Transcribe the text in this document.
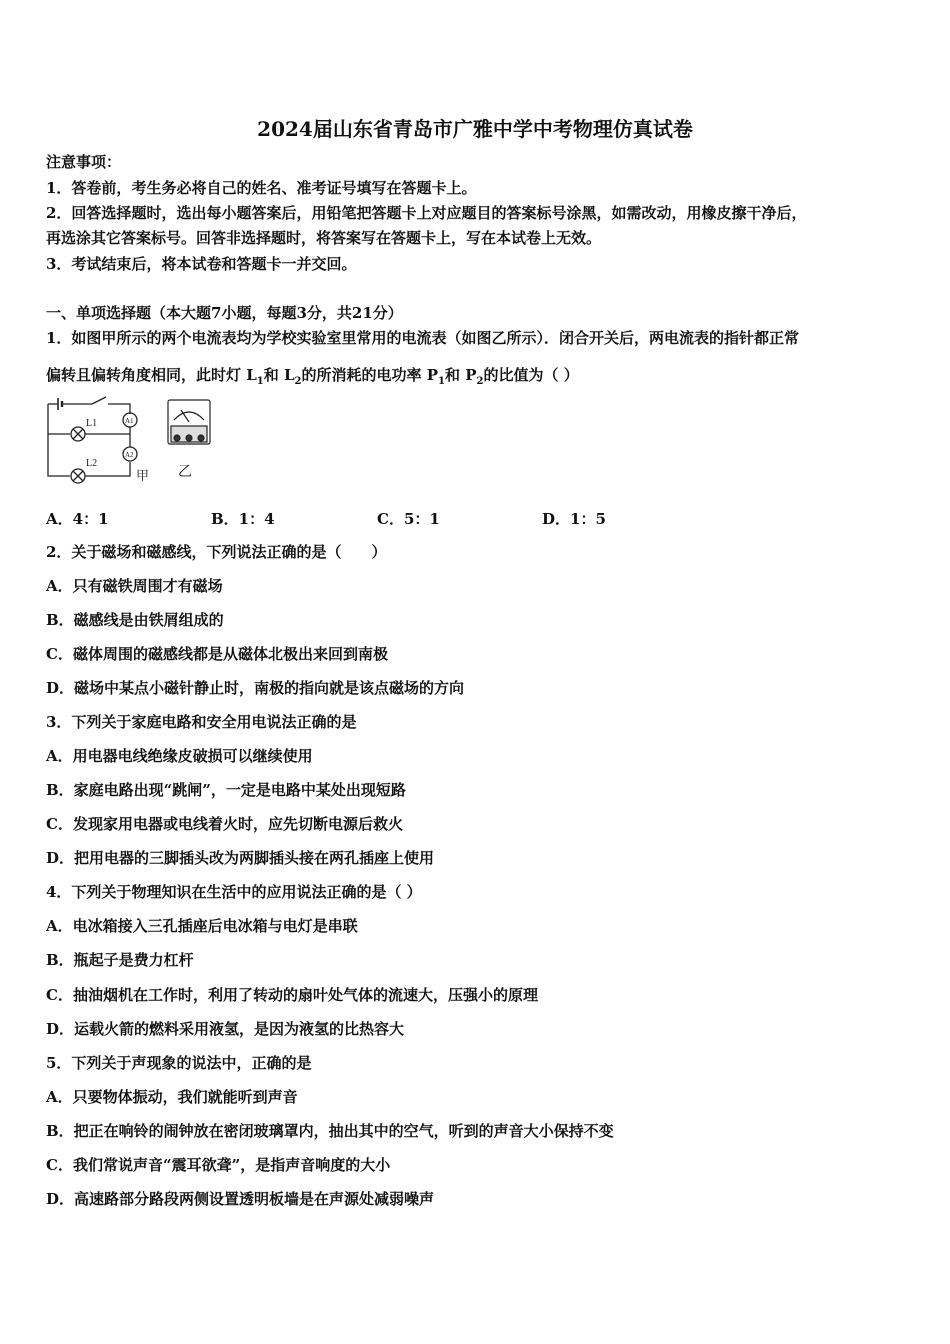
2024届山东省青岛市广雅中学中考物理仿真试卷
注意事项：
1．答卷前，考生务必将自己的姓名、准考证号填写在答题卡上。
2．回答选择题时，选出每小题答案后，用铅笔把答题卡上对应题目的答案标号涂黑，如需改动，用橡皮擦干净后，
再选涂其它答案标号。回答非选择题时，将答案写在答题卡上，写在本试卷上无效。
3．考试结束后，将本试卷和答题卡一并交回。
一、单项选择题（本大题7小题，每题3分，共21分）
1．如图甲所示的两个电流表均为学校实验室里常用的电流表（如图乙所示）．闭合开关后，两电流表的指针都正常
偏转且偏转角度相同，此时灯 $L_1$和 $L_2$的所消耗的电功率 $P_1$和 $P_2$的比值为（ ）
L1
L2
A1
A2
甲 乙
A．4：1	B．1：4	C．5：1	D．1：5
2．关于磁场和磁感线，下列说法正确的是（　　）
A．只有磁铁周围才有磁场
B．磁感线是由铁屑组成的
C．磁体周围的磁感线都是从磁体北极出来回到南极
D．磁场中某点小磁针静止时，南极的指向就是该点磁场的方向
3．下列关于家庭电路和安全用电说法正确的是
A．用电器电线绝缘皮破损可以继续使用
B．家庭电路出现“跳闸”，一定是电路中某处出现短路
C．发现家用电器或电线着火时，应先切断电源后救火
D．把用电器的三脚插头改为两脚插头接在两孔插座上使用
4．下列关于物理知识在生活中的应用说法正确的是（ ）
A．电冰箱接入三孔插座后电冰箱与电灯是串联
B．瓶起子是费力杠杆
C．抽油烟机在工作时，利用了转动的扇叶处气体的流速大，压强小的原理
D．运载火箭的燃料采用液氢，是因为液氢的比热容大
5．下列关于声现象的说法中，正确的是
A．只要物体振动，我们就能听到声音
B．把正在响铃的闹钟放在密闭玻璃罩内，抽出其中的空气，听到的声音大小保持不变
C．我们常说声音“震耳欲聋”，是指声音响度的大小
D．高速路部分路段两侧设置透明板墙是在声源处减弱噪声
